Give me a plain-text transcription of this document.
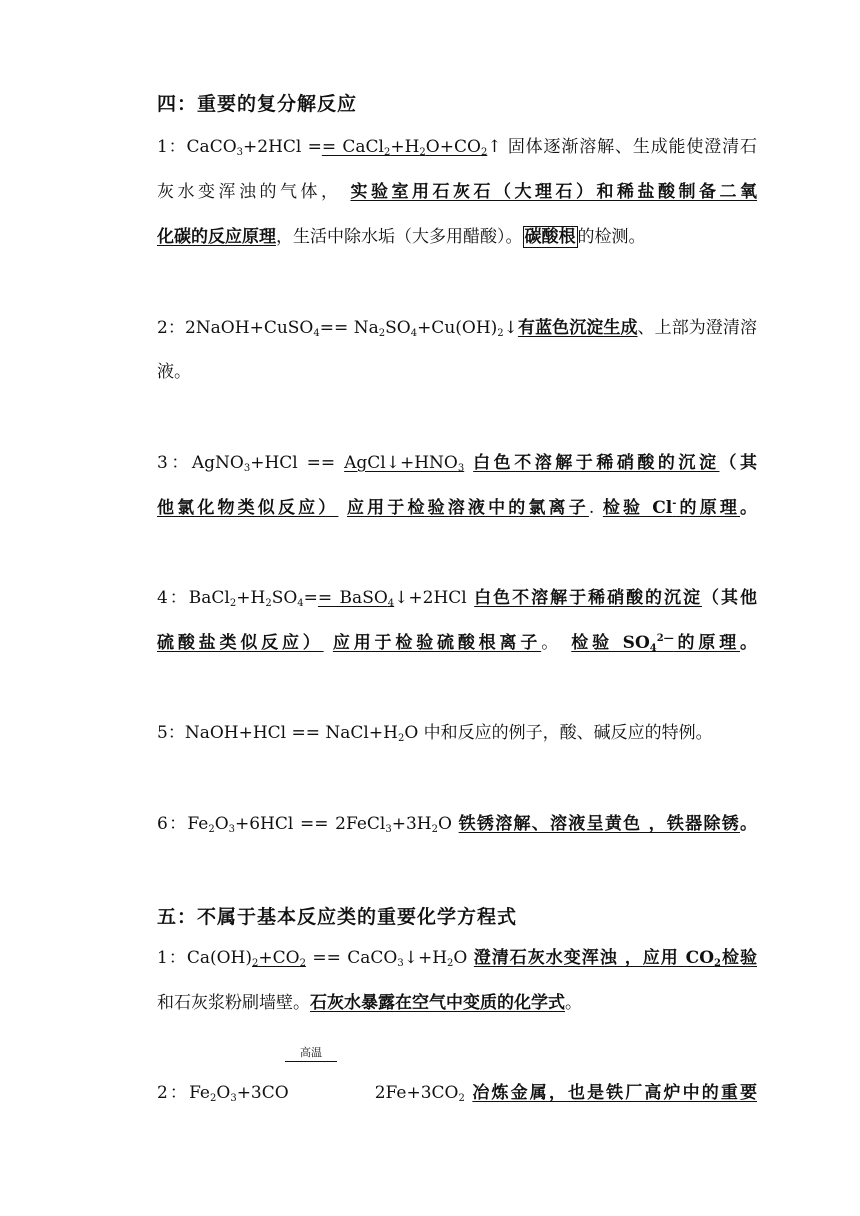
四：重要的复分解反应
1：CaCO$_3$+2HCl == $CaCl_2+H_2O+CO_2↑$ 固体逐渐溶解、生成能使澄清石
灰水变浑浊的气体， 实验室用石灰石（大理石）和稀盐酸制备二氧
化碳的反应原理，生活中除水垢（大多用醋酸）。 碳酸根 的检测。
2：2NaOH+CuSO$_4$== $Na_2SO_4+Cu(OH)_2↓$有蓝色沉淀生成、上部为澄清溶
液。
3：AgNO$_3$+HCl == $AgCl↓+HNO_3$ 白色不溶解于稀硝酸的沉淀（其
他氯化物类似反应） 应用于检验溶液中的氯离子. 检验 Cl-的原理。
4：$BaCl_2+H_2SO_4==$ BaSO$_4$↓+2HCl 白色不溶解于稀硝酸的沉淀（其他
硫酸盐类似反应） 应用于检验硫酸根离子。 检验 $SO_4^{2—}$的原理。
5：NaOH+HCl == $NaCl+H_2O$ 中和反应的例子，酸、碱反应的特例。
6：$Fe_2O_3+6HCl$ == $2FeCl_3+3H_2O$ 铁锈溶解、溶液呈黄色 ，铁器除锈。
五：不属于基本反应类的重要化学方程式
1：$Ca(OH)_2+CO_2$ == $CaCO_3↓+H_2O$ 澄清石灰水变浑浊 ，应用 $CO_2$检验
和石灰浆粉刷墙壁。石灰水暴露在空气中变质的化学式。
高温
2：$Fe_2O_3+3CO$	$2Fe+3CO_2$ 冶炼金属，也是铁厂高炉中的重要
